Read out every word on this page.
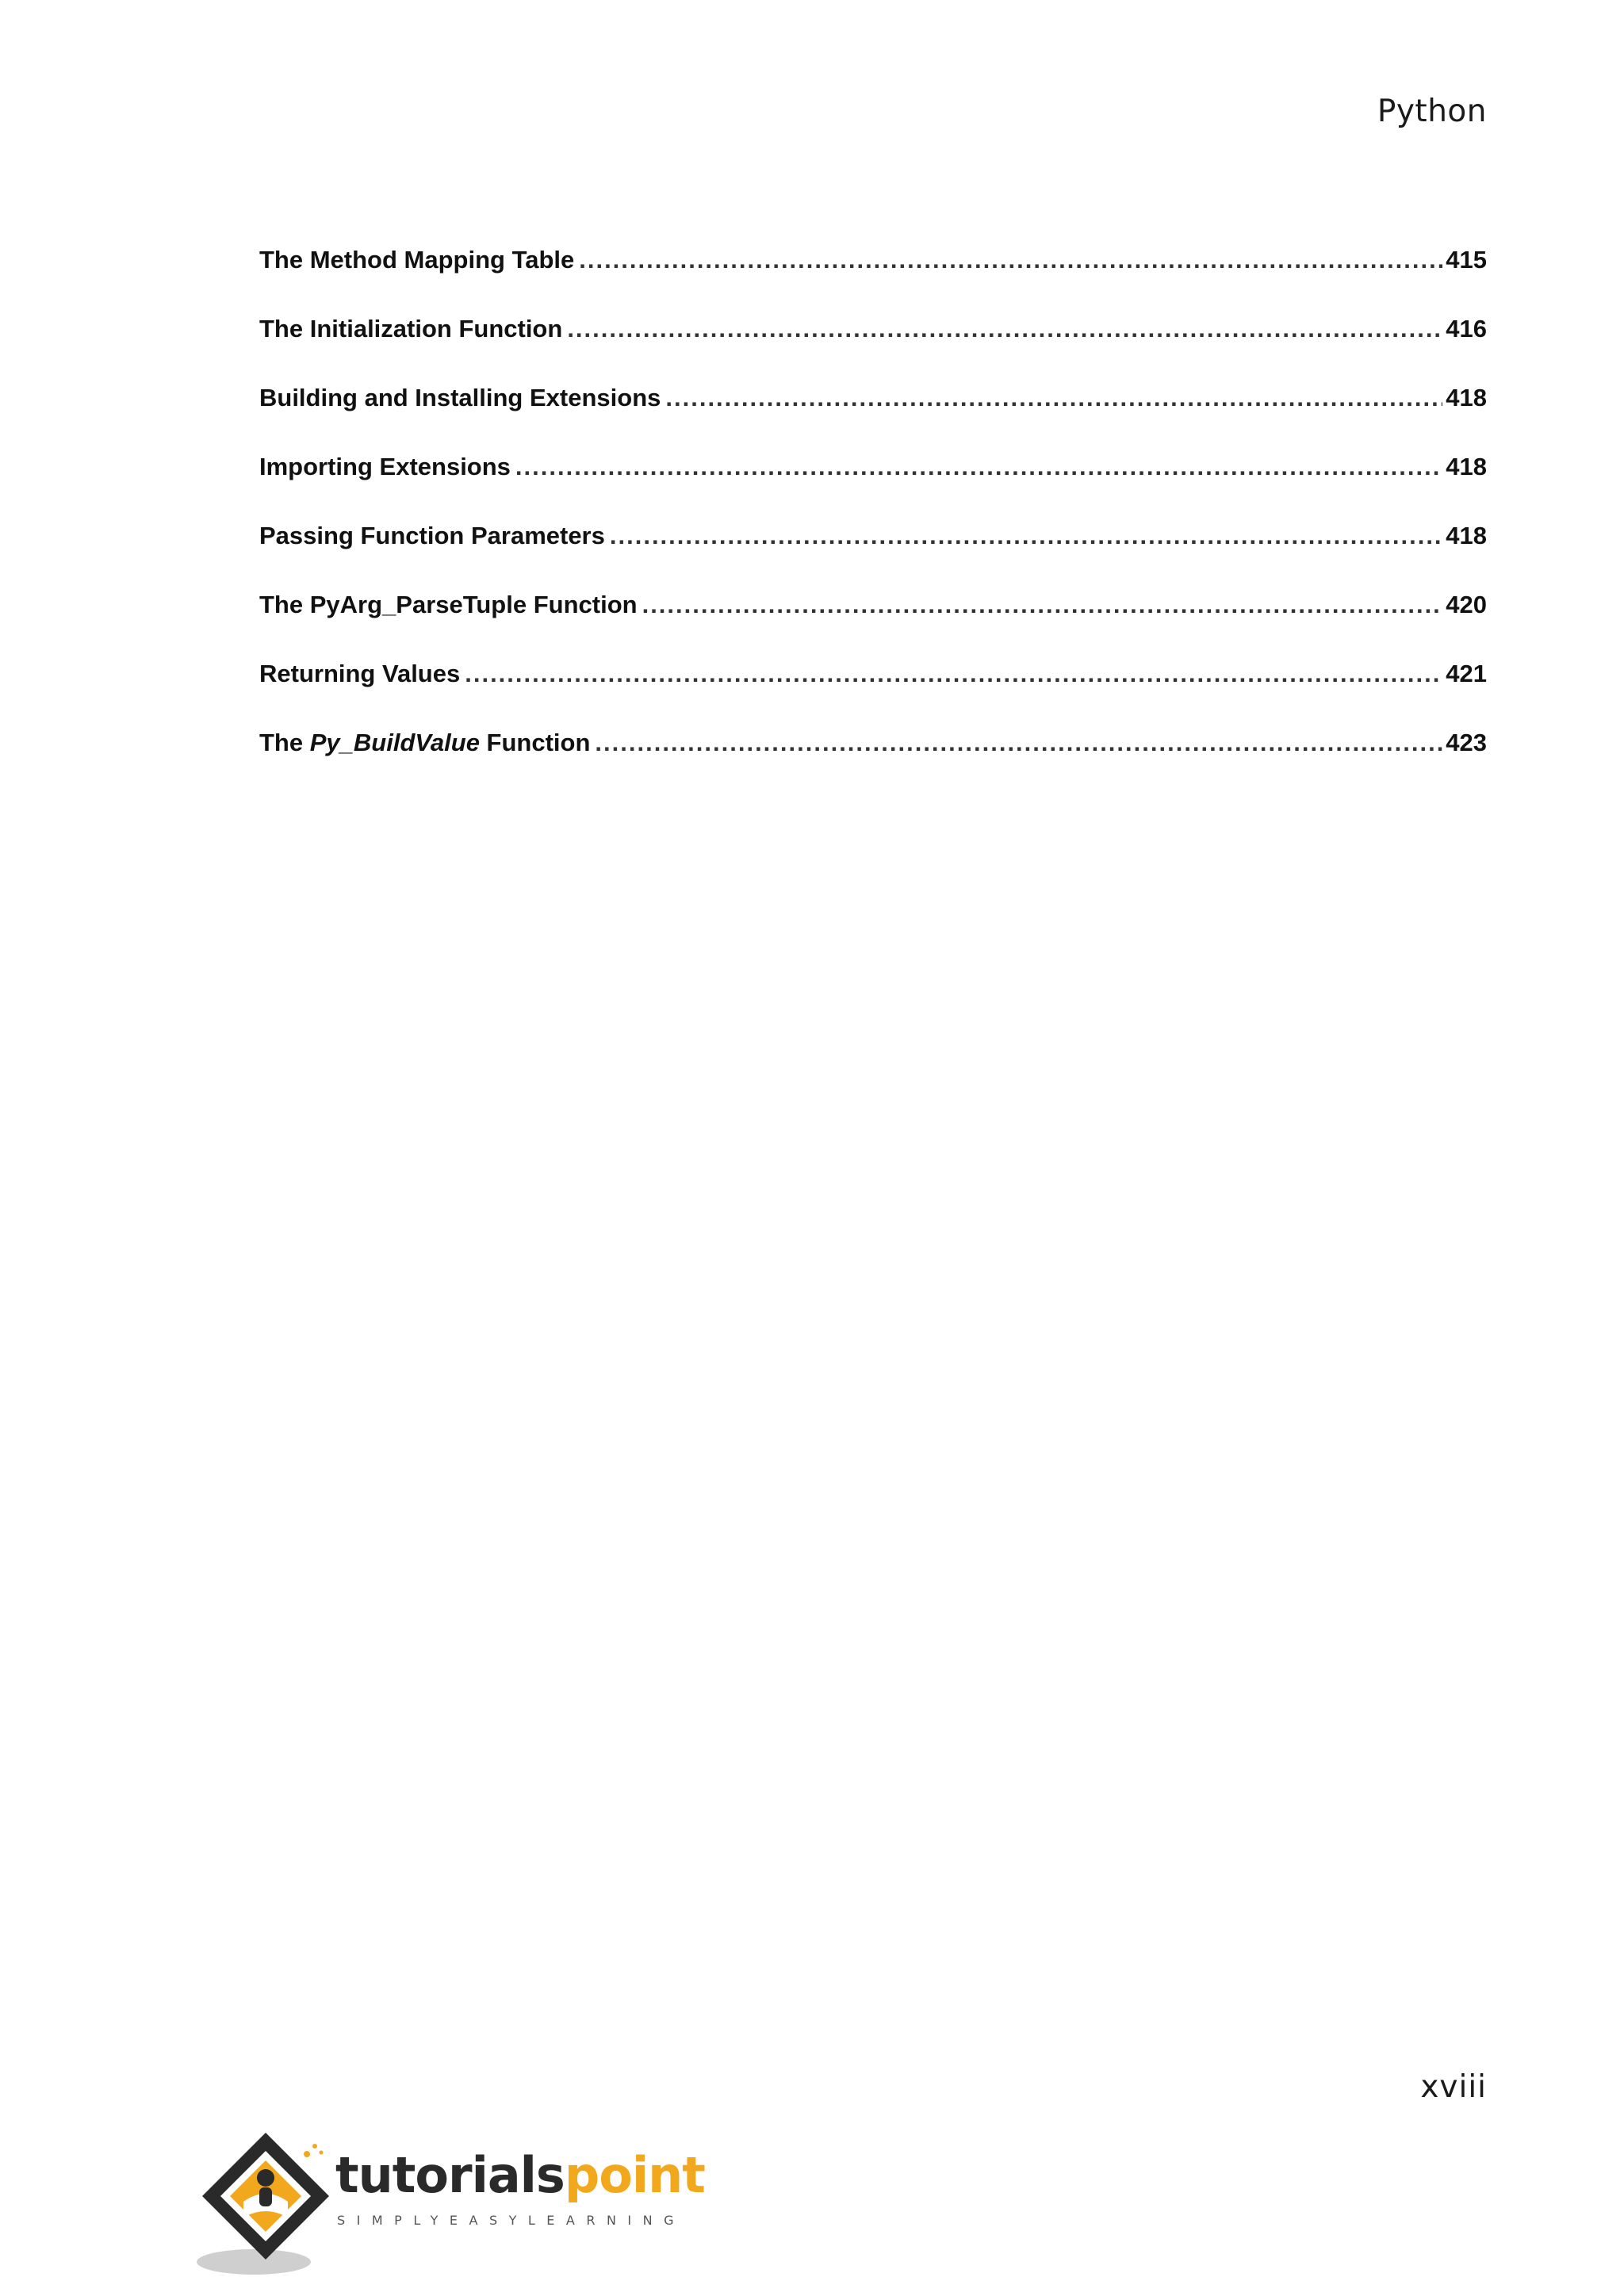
Python
The Method Mapping Table .....	415
The Initialization Function .....	416
Building and Installing Extensions .....	418
Importing Extensions .....	418
Passing Function Parameters .....	418
The PyArg_ParseTuple Function .....	420
Returning Values .....	421
The Py_BuildValue Function .....	423
xviii
tutorialspoint
SIMPLYEASYLEARNING
